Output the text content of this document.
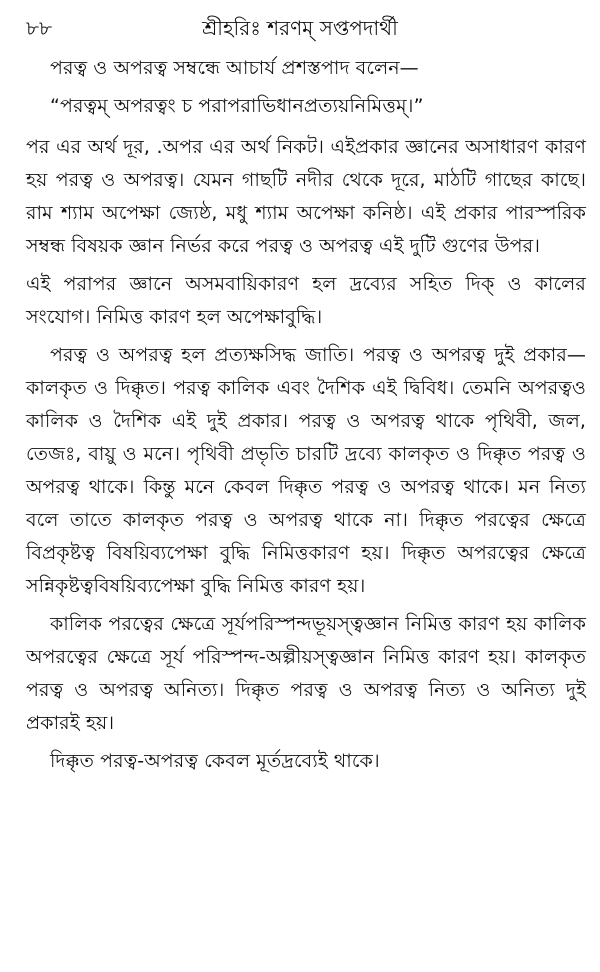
৮৮	শ্রীহরিঃ শরণম্ সপ্তপদার্থী

পরত্ব ও অপরত্ব সম্বন্ধে আচার্য প্রশস্তপাদ বলেন—

“পরত্বম্ অপরত্বং চ পরাপরাভিধানপ্রত্যয়নিমিত্তম্।”

পর এর অর্থ দূর, .অপর এর অর্থ নিকট। এইপ্রকার জ্ঞানের অসাধারণ কারণ হয় পরত্ব ও অপরত্ব। যেমন গাছটি নদীর থেকে দূরে, মাঠটি গাছের কাছে। রাম শ্যাম অপেক্ষা জ্যেষ্ঠ, মধু শ্যাম অপেক্ষা কনিষ্ঠ। এই প্রকার পারস্পরিক সম্বন্ধ বিষয়ক জ্ঞান নির্ভর করে পরত্ব ও অপরত্ব এই দুটি গুণের উপর।

এই পরাপর জ্ঞানে অসমবায়িকারণ হল দ্রব্যের সহিত দিক্ ও কালের সংযোগ। নিমিত্ত কারণ হল অপেক্ষাবুদ্ধি।

পরত্ব ও অপরত্ব হল প্রত্যক্ষসিদ্ধ জাতি। পরত্ব ও অপরত্ব দুই প্রকার—কালকৃত ও দিক্কৃত। পরত্ব কালিক এবং দৈশিক এই দ্বিবিধ। তেমনি অপরত্বও কালিক ও দৈশিক এই দুই প্রকার। পরত্ব ও অপরত্ব থাকে পৃথিবী, জল, তেজঃ, বায়ু ও মনে। পৃথিবী প্রভৃতি চারটি দ্রব্যে কালকৃত ও দিক্কৃত পরত্ব ও অপরত্ব থাকে। কিন্তু মনে কেবল দিক্কৃত পরত্ব ও অপরত্ব থাকে। মন নিত্য বলে তাতে কালকৃত পরত্ব ও অপরত্ব থাকে না। দিক্কৃত পরত্বের ক্ষেত্রে বিপ্রকৃষ্টত্ব বিষয়িব্যপেক্ষা বুদ্ধি নিমিত্তকারণ হয়। দিক্কৃত অপরত্বের ক্ষেত্রে সন্নিকৃষ্টত্ববিষয়িব্যপেক্ষা বুদ্ধি নিমিত্ত কারণ হয়।

কালিক পরত্বের ক্ষেত্রে সূর্যপরিস্পন্দভূয়স্ত্বজ্ঞান নিমিত্ত কারণ হয় কালিক অপরত্বের ক্ষেত্রে সূর্য পরিস্পন্দ-অল্পীয়স্ত্বজ্ঞান নিমিত্ত কারণ হয়। কালকৃত পরত্ব ও অপরত্ব অনিত্য। দিক্কৃত পরত্ব ও অপরত্ব নিত্য ও অনিত্য দুই প্রকারই হয়।

দিক্কৃত পরত্ব-অপরত্ব কেবল মূর্তদ্রব্যেই থাকে।
